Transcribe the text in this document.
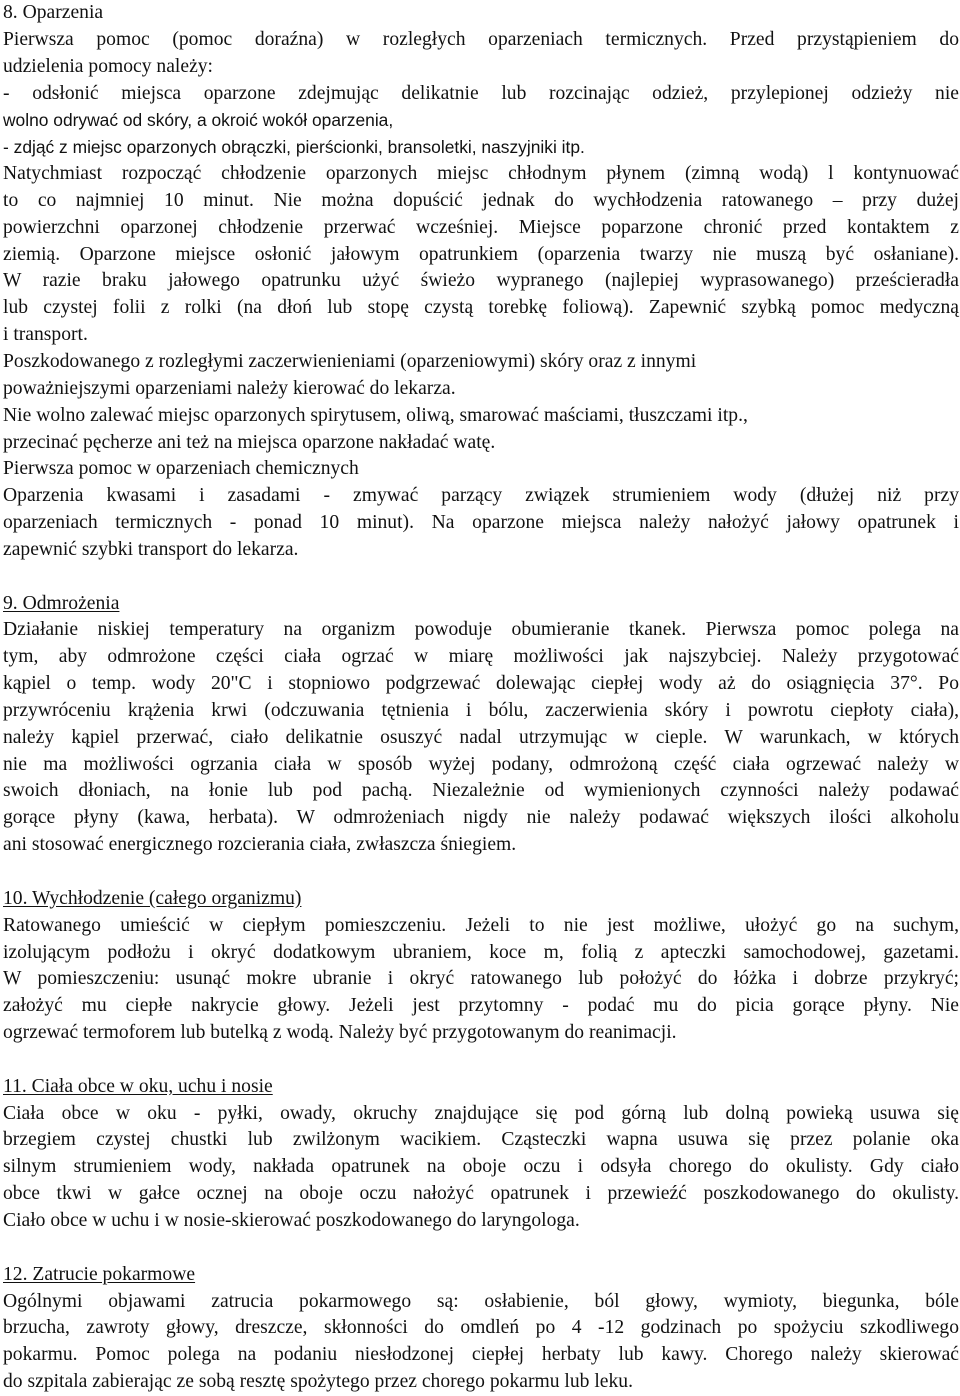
8. Oparzenia
Pierwsza pomoc (pomoc doraźna) w rozległych oparzeniach termicznych. Przed przystąpieniem do
udzielenia pomocy należy:
- odsłonić miejsca oparzone zdejmując delikatnie lub rozcinając odzież, przylepionej odzieży nie
wolno odrywać od skóry, a okroić wokół oparzenia,
- zdjąć z miejsc oparzonych obrączki, pierścionki, bransoletki, naszyjniki itp.
Natychmiast rozpocząć chłodzenie oparzonych miejsc chłodnym płynem (zimną wodą) l kontynuować
to co najmniej 10 minut. Nie można dopuścić jednak do wychłodzenia ratowanego – przy dużej
powierzchni oparzonej chłodzenie przerwać wcześniej. Miejsce poparzone chronić przed kontaktem z
ziemią. Oparzone miejsce osłonić jałowym opatrunkiem (oparzenia twarzy nie muszą być osłaniane).
W razie braku jałowego opatrunku użyć świeżo wypranego (najlepiej wyprasowanego) prześcieradła
lub czystej folii z rolki (na dłoń lub stopę czystą torebkę foliową). Zapewnić szybką pomoc medyczną
i transport.
Poszkodowanego z rozległymi zaczerwienieniami (oparzeniowymi) skóry oraz z innymi
poważniejszymi oparzeniami należy kierować do lekarza.
Nie wolno zalewać miejsc oparzonych spirytusem, oliwą, smarować maściami, tłuszczami itp.,
przecinać pęcherze ani też na miejsca oparzone nakładać watę.
Pierwsza pomoc w oparzeniach chemicznych
Oparzenia kwasami i zasadami - zmywać parzący związek strumieniem wody (dłużej niż przy
oparzeniach termicznych - ponad 10 minut). Na oparzone miejsca należy nałożyć jałowy opatrunek i
zapewnić szybki transport do lekarza.
9. Odmrożenia
Działanie niskiej temperatury na organizm powoduje obumieranie tkanek. Pierwsza pomoc polega na
tym, aby odmrożone części ciała ogrzać w miarę możliwości jak najszybciej. Należy przygotować
kąpiel o temp. wody 20"C i stopniowo podgrzewać dolewając ciepłej wody aż do osiągnięcia 37°. Po
przywróceniu krążenia krwi (odczuwania tętnienia i bólu, zaczerwienia skóry i powrotu ciepłoty ciała),
należy kąpiel przerwać, ciało delikatnie osuszyć nadal utrzymując w cieple. W warunkach, w których
nie ma możliwości ogrzania ciała w sposób wyżej podany, odmrożoną część ciała ogrzewać należy w
swoich dłoniach, na łonie lub pod pachą. Niezależnie od wymienionych czynności należy podawać
gorące płyny (kawa, herbata). W odmrożeniach nigdy nie należy podawać większych ilości alkoholu
ani stosować energicznego rozcierania ciała, zwłaszcza śniegiem.
10. Wychłodzenie (całego organizmu)
Ratowanego umieścić w ciepłym pomieszczeniu. Jeżeli to nie jest możliwe, ułożyć go na suchym,
izolującym podłożu i okryć dodatkowym ubraniem, koce m, folią z apteczki samochodowej, gazetami.
W pomieszczeniu: usunąć mokre ubranie i okryć ratowanego lub położyć do łóżka i dobrze przykryć;
założyć mu ciepłe nakrycie głowy. Jeżeli jest przytomny - podać mu do picia gorące płyny. Nie
ogrzewać termoforem lub butelką z wodą. Należy być przygotowanym do reanimacji.
11. Ciała obce w oku, uchu i nosie
Ciała obce w oku - pyłki, owady, okruchy znajdujące się pod górną lub dolną powieką usuwa się
brzegiem czystej chustki lub zwilżonym wacikiem. Cząsteczki wapna usuwa się przez polanie oka
silnym strumieniem wody, nakłada opatrunek na oboje oczu i odsyła chorego do okulisty. Gdy ciało
obce tkwi w gałce ocznej na oboje oczu nałożyć opatrunek i przewieźć poszkodowanego do okulisty.
Ciało obce w uchu i w nosie-skierować poszkodowanego do laryngologa.
12. Zatrucie pokarmowe
Ogólnymi objawami zatrucia pokarmowego są: osłabienie, ból głowy, wymioty, biegunka, bóle
brzucha, zawroty głowy, dreszcze, skłonności do omdleń po 4 -12 godzinach po spożyciu szkodliwego
pokarmu. Pomoc polega na podaniu niesłodzonej ciepłej herbaty lub kawy. Chorego należy skierować
do szpitala zabierając ze sobą resztę spożytego przez chorego pokarmu lub leku.
